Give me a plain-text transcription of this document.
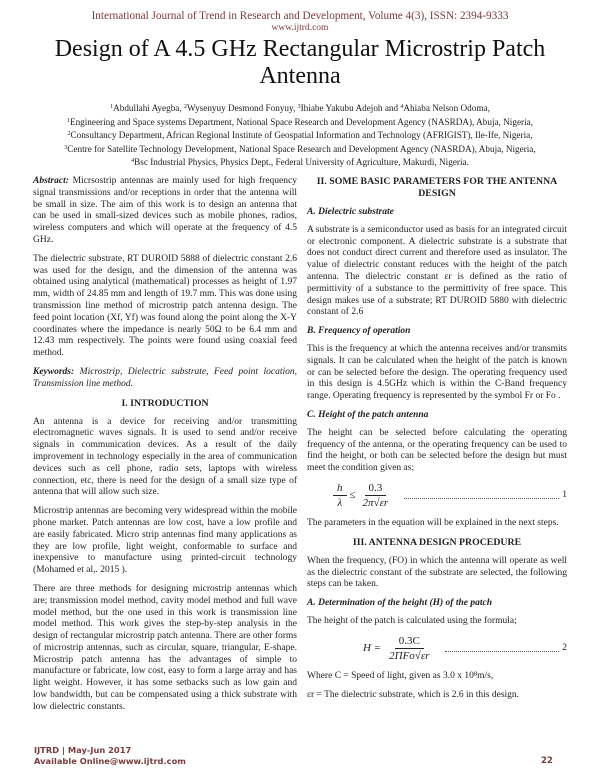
International Journal of Trend in Research and Development, Volume 4(3), ISSN: 2394-9333
www.ijtrd.com
Design of A 4.5 GHz Rectangular Microstrip Patch
Antenna
$^1$Abdullahi Ayegba, $^2$Wysenyuy Desmond Fonyuy, $^3$Ihiabe Yakubu Adejoh and $^4$Ahiaba Nelson Odoma,
$^1$Engineering and Space systems Department, National Space Research and Development Agency (NASRDA), Abuja, Nigeria,
$^2$Consultancy Department, African Regional Institute of Geospatial Information and Technology (AFRIGIST), Ile-Ife, Nigeria,
$^3$Centre for Satellite Technology Development, National Space Research and Development Agency (NASRDA), Abuja, Nigeria,
$^4$Bsc Industrial Physics, Physics Dept., Federal University of Agriculture, Makurdi, Nigeria.

Abstract: Micrsostrip antennas are mainly used for high frequency signal transmissions and/or receptions in order that the antenna will be small in size. The aim of this work is to design an antenna that can be used in small-sized devices such as mobile phones, radios, wireless computers and which will operate at the frequency of 4.5 GHz.

The dielectric substrate, RT DUROID 5888 of dielectric constant 2.6 was used for the design, and the dimension of the antenna was obtained using analytical (mathematical) processes as height of 1.97 mm, width of 24.85 mm and length of 19.7 mm. This was done using transmission line method of microstrip patch antenna design. The feed point location (Xf, Yf) was found along the point along the X-Y coordinates where the impedance is nearly 50Ω to be 6.4 mm and 12.43 mm respectively. The points were found using coaxial feed method.

Keywords: Microstrip, Dielectric substrate, Feed point location, Transmission line method.

I. INTRODUCTION

An antenna is a device for receiving and/or transmitting electromagnetic waves signals. It is used to send and/or receive signals in communication devices. As a result of the daily improvement in technology especially in the area of communication devices such as cell phone, radio sets, laptops with wireless connection, etc, there is need for the design of a small size type of antenna that will allow such size.

Microstrip antennas are becoming very widespread within the mobile phone market. Patch antennas are low cost, have a low profile and are easily fabricated. Micro strip antennas find many applications as they are low profile, light weight, conformable to surface and inexpensive to manufacture using printed-circuit technology (Mohamed et al,. 2015 ).

There are three methods for designing microstrip antennas which are; transmission model method, cavity model method and full wave model method, but the one used in this work is transmission line model method. This work gives the step-by-step analysis in the design of rectangular microstrip patch antenna. There are other forms of microstrip antennas, such as circular, square, triangular, E-shape. Microstrip patch antenna has the advantages of simple to manufacture or fabricate, low cost, easy to form a large array and has light weight. However, it has some setbacks such as low gain and low bandwidth, but can be compensated using a thick substrate with low dielectric constants.

II. SOME BASIC PARAMETERS FOR THE ANTENNA DESIGN
A. Dielectric substrate

A substrate is a semiconductor used as basis for an integrated circuit or electronic component. A dielectric substrate is a substrate that does not conduct direct current and therefore used as insulator. The value of dielectric constant reduces with the height of the patch antenna. The dielectric constant εr is defined as the ratio of permittivity of a substance to the permittivity of free space. This design makes use of a substrate; RT DUROID 5880 with dielectric constant of 2.6

B. Frequency of operation

This is the frequency at which the antenna receives and/or transmits signals. It can be calculated when the height of the patch is known or can be selected before the design. The operating frequency used in this design is 4.5GHz which is within the C-Band frequency range. Operating frequency is represented by the symbol Fr or Fo .

C. Height of the patch antenna

The height can be selected before calculating the operating frequency of the antenna, or the operating frequency can be used to find the height, or both can be selected before the design but must meet the condition given as;

$\frac{h}{\lambda} \le \frac{0.3}{2\pi√\varepsilon r}$	1

The parameters in the equation will be explained in the next steps.

III. ANTENNA DESIGN PROCEDURE

When the frequency, (FO) in which the antenna will operate as well as the dielectric constant of the substrate are selected, the following steps can be taken.

A. Determination of the height (H) of the patch

The height of the patch is calculated using the formula;

$H = \frac{0.3C}{\text{2ΠFo√εr}}$	2

Where C = Speed of light, given as 3.0 x 10⁸m/s,

εr = The dielectric substrate, which is 2.6 in this design.

IJTRD | May-Jun 2017
Available Online@www.ijtrd.com	22
